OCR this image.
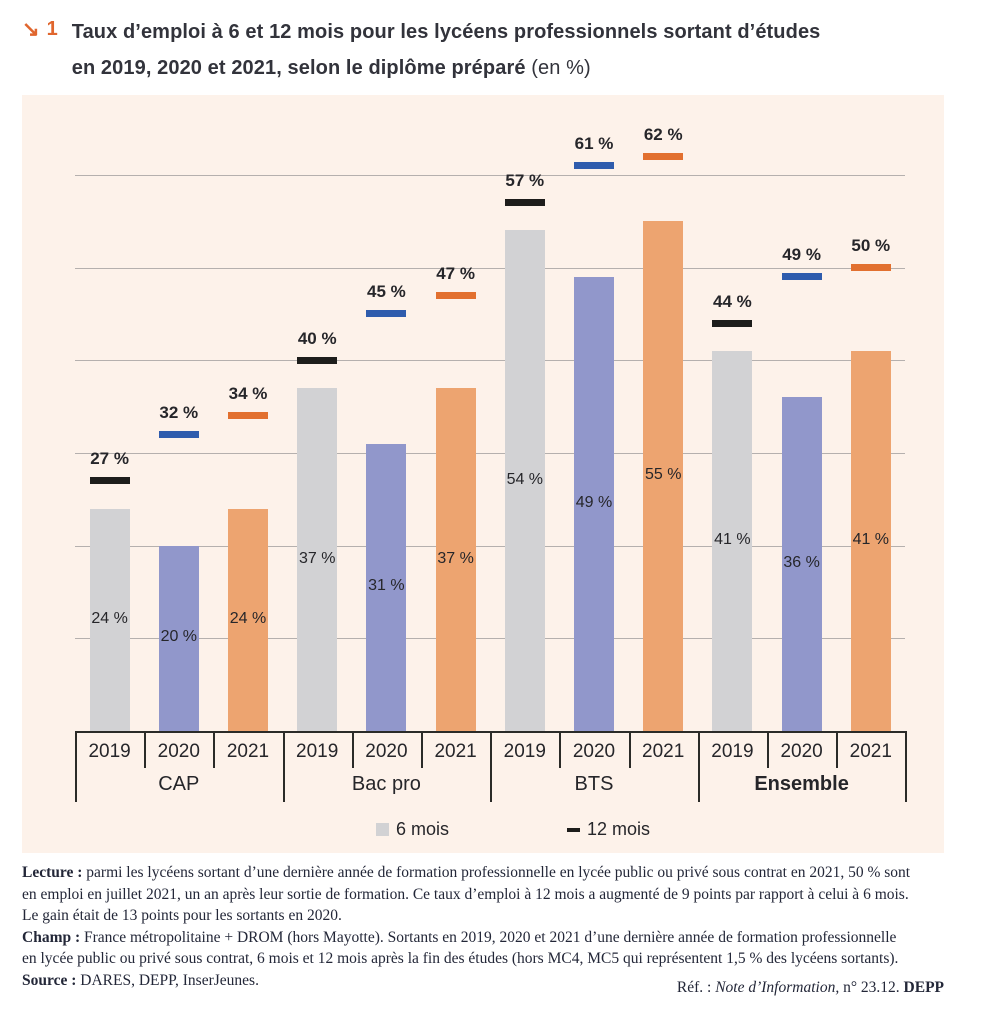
↘ 1 Taux d’emploi à 6 et 12 mois pour les lycéens professionnels sortant d’études
en 2019, 2020 et 2021, selon le diplôme préparé (en %)
24 %
27 %
2019
20 %
32 %
2020
24 %
34 %
2021
CAP
37 %
40 %
2019
31 %
45 %
2020
37 %
47 %
2021
Bac pro
54 %
57 %
2019
49 %
61 %
2020
55 %
62 %
2021
BTS
41 %
44 %
2019
36 %
49 %
2020
41 %
50 %
2021
Ensemble
6 mois	12 mois
Lecture : parmi les lycéens sortant d’une dernière année de formation professionnelle en lycée public ou privé sous contrat en 2021, 50 % sont
en emploi en juillet 2021, un an après leur sortie de formation. Ce taux d’emploi à 12 mois a augmenté de 9 points par rapport à celui à 6 mois.
Le gain était de 13 points pour les sortants en 2020.
Champ : France métropolitaine + DROM (hors Mayotte). Sortants en 2019, 2020 et 2021 d’une dernière année de formation professionnelle
en lycée public ou privé sous contrat, 6 mois et 12 mois après la fin des études (hors MC4, MC5 qui représentent 1,5 % des lycéens sortants).
Source : DARES, DEPP, InserJeunes.	Réf. : Note d’Information, n° 23.12. DEPP
